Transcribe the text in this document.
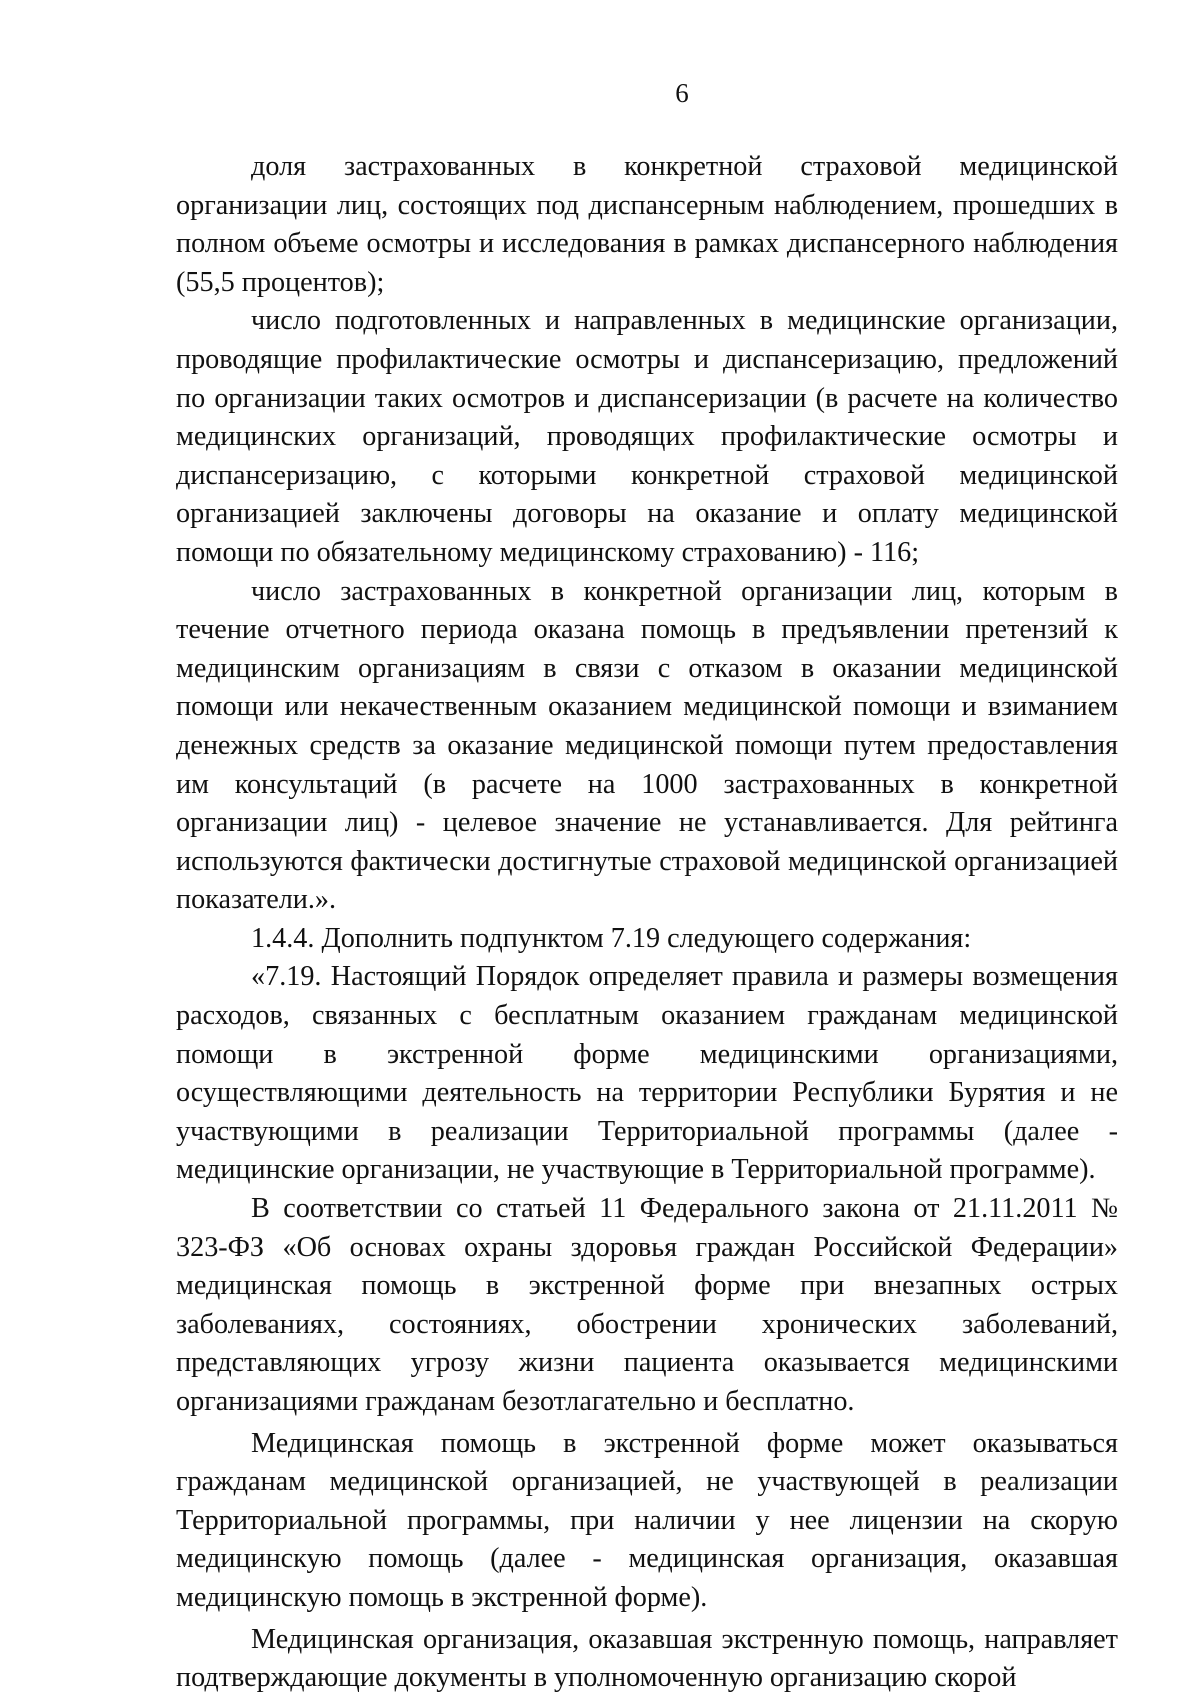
6

доля застрахованных в конкретной страховой медицинской организации лиц, состоящих под диспансерным наблюдением, прошедших в полном объеме осмотры и исследования в рамках диспансерного наблюдения (55,5 процентов);

число подготовленных и направленных в медицинские организации, проводящие профилактические осмотры и диспансеризацию, предложений по организации таких осмотров и диспансеризации (в расчете на количество медицинских организаций, проводящих профилактические осмотры и диспансеризацию, с которыми конкретной страховой медицинской организацией заключены договоры на оказание и оплату медицинской помощи по обязательному медицинскому страхованию) - 116;

число застрахованных в конкретной организации лиц, которым в течение отчетного периода оказана помощь в предъявлении претензий к медицинским организациям в связи с отказом в оказании медицинской помощи или некачественным оказанием медицинской помощи и взиманием денежных средств за оказание медицинской помощи путем предоставления им консультаций (в расчете на 1000 застрахованных в конкретной организации лиц) - целевое значение не устанавливается. Для рейтинга используются фактически достигнутые страховой медицинской организацией показатели.».

1.4.4. Дополнить подпунктом 7.19 следующего содержания:

«7.19. Настоящий Порядок определяет правила и размеры возмещения расходов, связанных с бесплатным оказанием гражданам медицинской помощи в экстренной форме медицинскими организациями, осуществляющими деятельность на территории Республики Бурятия и не участвующими в реализации Территориальной программы (далее - медицинские организации, не участвующие в Территориальной программе).

В соответствии со статьей 11 Федерального закона от 21.11.2011 № 323-ФЗ «Об основах охраны здоровья граждан Российской Федерации» медицинская помощь в экстренной форме при внезапных острых заболеваниях, состояниях, обострении хронических заболеваний, представляющих угрозу жизни пациента оказывается медицинскими организациями гражданам безотлагательно и бесплатно.

Медицинская помощь в экстренной форме может оказываться гражданам медицинской организацией, не участвующей в реализации Территориальной программы, при наличии у нее лицензии на скорую медицинскую помощь (далее - медицинская организация, оказавшая медицинскую помощь в экстренной форме).

Медицинская организация, оказавшая экстренную помощь, направляет подтверждающие документы в уполномоченную организацию скорой
